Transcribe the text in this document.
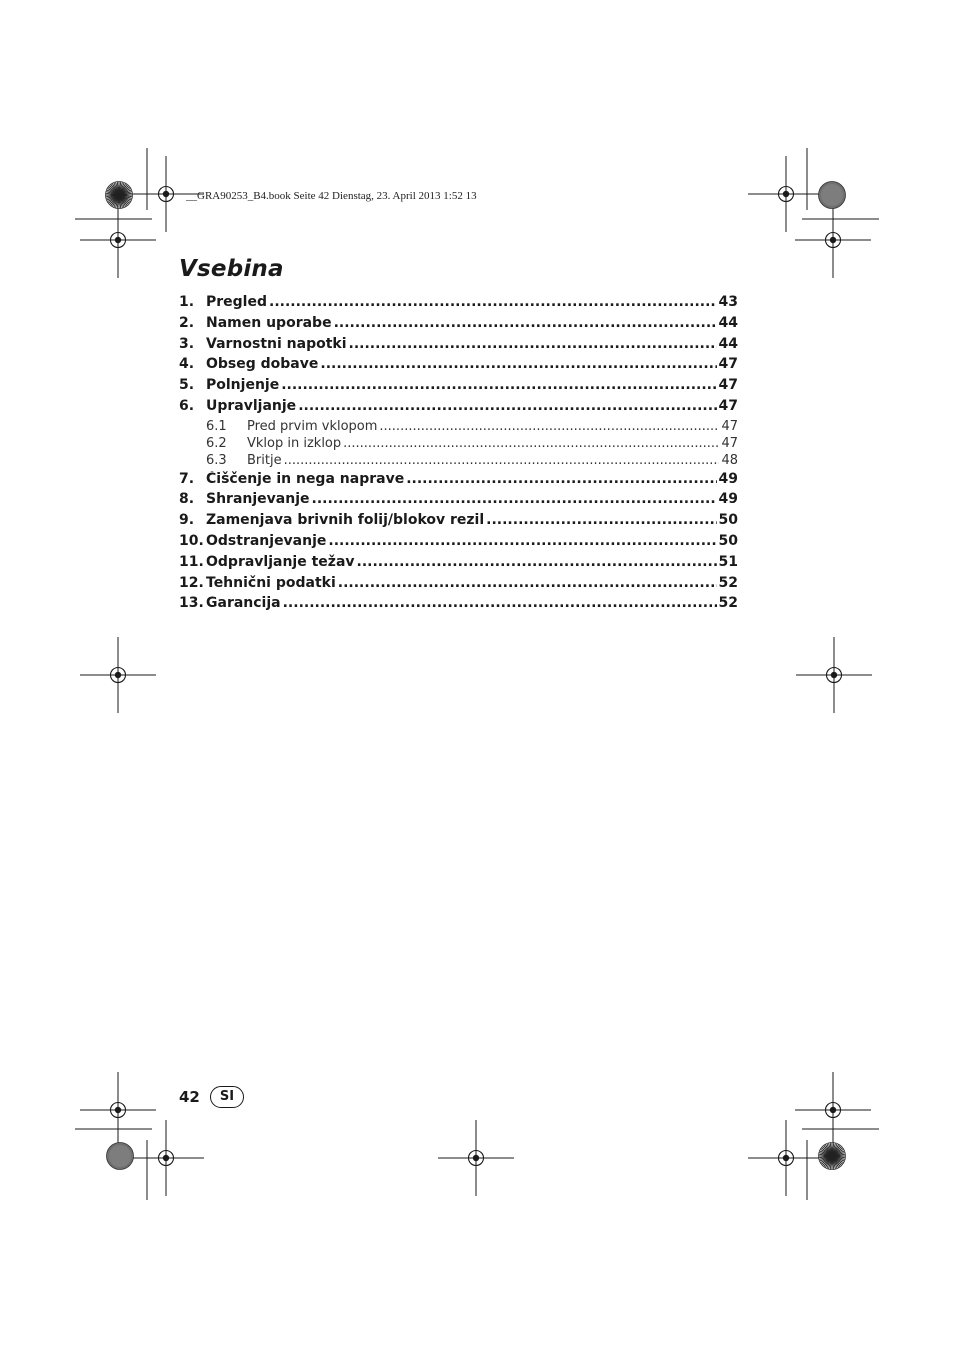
__GRA90253_B4.book Seite 42 Dienstag, 23. April 2013 1:52 13
Vsebina
1. Pregled .....	43
2. Namen uporabe .....	44
3. Varnostni napotki .....	44
4. Obseg dobave .....	47
5. Polnjenje .....	47
6. Upravljanje .....	47
6.1	Pred prvim vklopom .....	47
6.2	Vklop in izklop .....	47
6.3	Britje .....	48
7. Čiščenje in nega naprave .....	49
8. Shranjevanje .....	49
9. Zamenjava brivnih folij/blokov rezil .....	50
10. Odstranjevanje .....	50
11. Odpravljanje težav .....	51
12. Tehnični podatki .....	52
13. Garancija .....	52
42	SI
